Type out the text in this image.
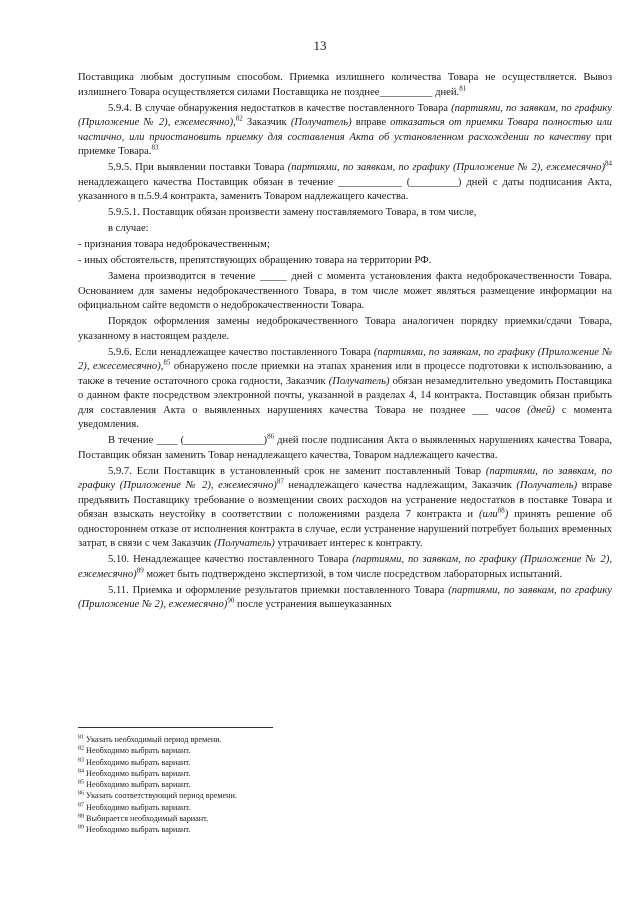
13

Поставщика любым доступным способом. Приемка излишнего количества Товара не осуществляется. Вывоз излишнего Товара осуществляется силами Поставщика не позднее__________ дней.$^{81}$

5.9.4. В случае обнаружения недостатков в качестве поставленного Товара (партиями, по заявкам, по графику (Приложение № 2), ежемесячно),$^{82}$ Заказчик (Получатель) вправе отказаться от приемки Товара полностью или частично, или приостановить приемку для составления Акта об установленном расхождении по качеству при приемке Товара.$^{83}$

5.9.5. При выявлении поставки Товара (партиями, по заявкам, по графику (Приложение № 2), ежемесячно)$^{84}$ ненадлежащего качества Поставщик обязан в течение ____________ (_________) дней с даты подписания Акта, указанного в п.5.9.4 контракта, заменить Товаром надлежащего качества.

5.9.5.1. Поставщик обязан произвести замену поставляемого Товара, в том числе,

в случае:

- признания товара недоброкачественным;

- иных обстоятельств, препятствующих обращению товара на территории РФ.

Замена производится в течение _____ дней с момента установления факта недоброкачественности Товара. Основанием для замены недоброкачественного Товара, в том числе может являться размещение информации на официальном сайте ведомств о недоброкачественности Товара.

Порядок оформления замены недоброкачественного Товара аналогичен порядку приемки/сдачи Товара, указанному в настоящем разделе.

5.9.6. Если ненадлежащее качество поставленного Товара (партиями, по заявкам, по графику (Приложение № 2), ежесемесячно),$^{85}$ обнаружено после приемки на этапах хранения или в процессе подготовки к использованию, а также в течение остаточного срока годности, Заказчик (Получатель) обязан незамедлительно уведомить Поставщика о данном факте посредством электронной почты, указанной в разделах 4, 14 контракта. Поставщик обязан прибыть для составления Акта о выявленных нарушениях качества Товара не позднее ___ часов (дней) с момента уведомления.

В течение ____ (_______________)$^{86}$ дней после подписания Акта о выявленных нарушениях качества Товара, Поставщик обязан заменить Товар ненадлежащего качества, Товаром надлежащего качества.

5.9.7. Если Поставщик в установленный срок не заменит поставленный Товар (партиями, по заявкам, по графику (Приложение № 2), ежемесячно)$^{87}$ ненадлежащего качества надлежащим, Заказчик (Получатель) вправе предъявить Поставщику требование о возмещении своих расходов на устранение недостатков в поставке Товара и обязан взыскать неустойку в соответствии с положениями раздела 7 контракта и (или$^{88}$) принять решение об одностороннем отказе от исполнения контракта в случае, если устранение нарушений потребует больших временных затрат, в связи с чем Заказчик (Получатель) утрачивает интерес к контракту.

5.10. Ненадлежащее качество поставленного Товара (партиями, по заявкам, по графику (Приложение № 2), ежемесячно)$^{89}$ может быть подтверждено экспертизой, в том числе посредством лабораторных испытаний.

5.11. Приемка и оформление результатов приемки поставленного Товара (партиями, по заявкам, по графику (Приложение № 2), ежемесячно)$^{90}$ после устранения вышеуказанных

$^{81}$ Указать необходимый период времени.
$^{82}$ Необходимо выбрать вариант.
$^{83}$ Необходимо выбрать вариант.
$^{84}$ Необходимо выбрать вариант.
$^{85}$ Необходимо выбрать вариант.
$^{86}$ Указать соответствующий период времени.
$^{87}$ Необходимо выбрать вариант.
$^{88}$ Выбирается необходимый вариант.
$^{89}$ Необходимо выбрать вариант.
